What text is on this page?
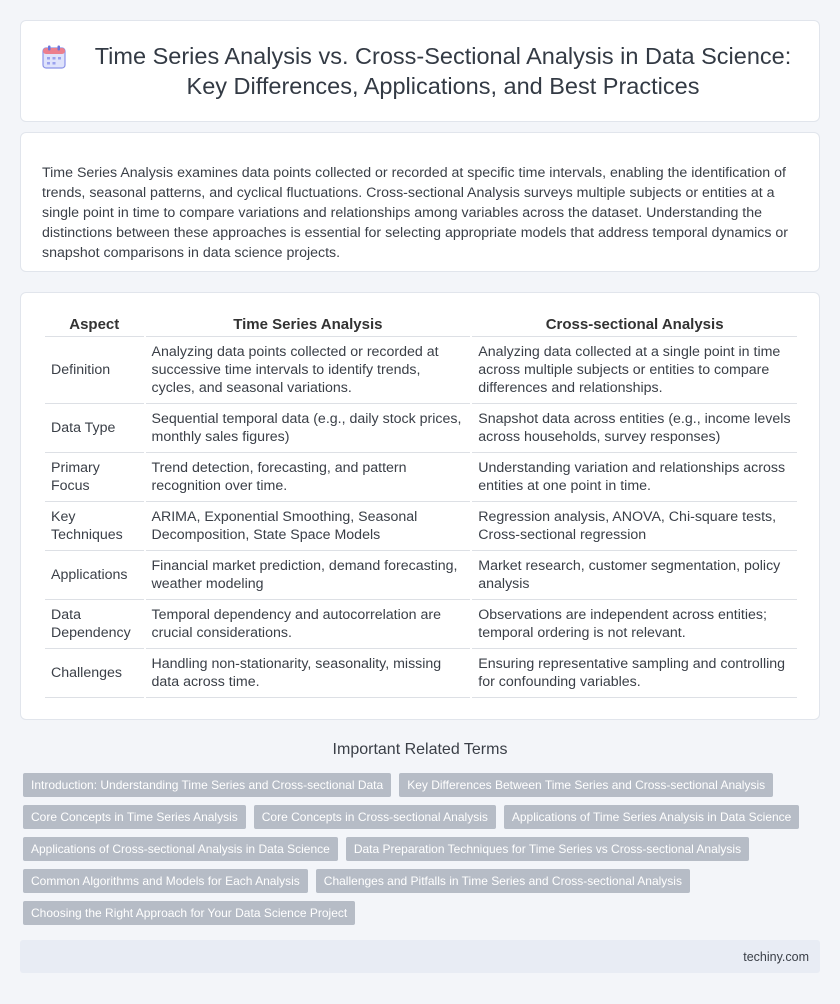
Time Series Analysis vs. Cross-Sectional Analysis in Data Science: Key Differences, Applications, and Best Practices

Time Series Analysis examines data points collected or recorded at specific time intervals, enabling the identification of trends, seasonal patterns, and cyclical fluctuations. Cross-sectional Analysis surveys multiple subjects or entities at a single point in time to compare variations and relationships among variables across the dataset. Understanding the distinctions between these approaches is essential for selecting appropriate models that address temporal dynamics or snapshot comparisons in data science projects.

Aspect	Time Series Analysis	Cross-sectional Analysis
Definition	Analyzing data points collected or recorded at successive time intervals to identify trends, cycles, and seasonal variations.	Analyzing data collected at a single point in time across multiple subjects or entities to compare differences and relationships.
Data Type	Sequential temporal data (e.g., daily stock prices, monthly sales figures)	Snapshot data across entities (e.g., income levels across households, survey responses)
Primary Focus	Trend detection, forecasting, and pattern recognition over time.	Understanding variation and relationships across entities at one point in time.
Key Techniques	ARIMA, Exponential Smoothing, Seasonal Decomposition, State Space Models	Regression analysis, ANOVA, Chi-square tests, Cross-sectional regression
Applications	Financial market prediction, demand forecasting, weather modeling	Market research, customer segmentation, policy analysis
Data Dependency	Temporal dependency and autocorrelation are crucial considerations.	Observations are independent across entities; temporal ordering is not relevant.
Challenges	Handling non-stationarity, seasonality, missing data across time.	Ensuring representative sampling and controlling for confounding variables.
Important Related Terms
Introduction: Understanding Time Series and Cross-sectional Data	Key Differences Between Time Series and Cross-sectional Analysis
Core Concepts in Time Series Analysis	Core Concepts in Cross-sectional Analysis	Applications of Time Series Analysis in Data Science
Applications of Cross-sectional Analysis in Data Science	Data Preparation Techniques for Time Series vs Cross-sectional Analysis
Common Algorithms and Models for Each Analysis	Challenges and Pitfalls in Time Series and Cross-sectional Analysis
Choosing the Right Approach for Your Data Science Project
techiny.com
